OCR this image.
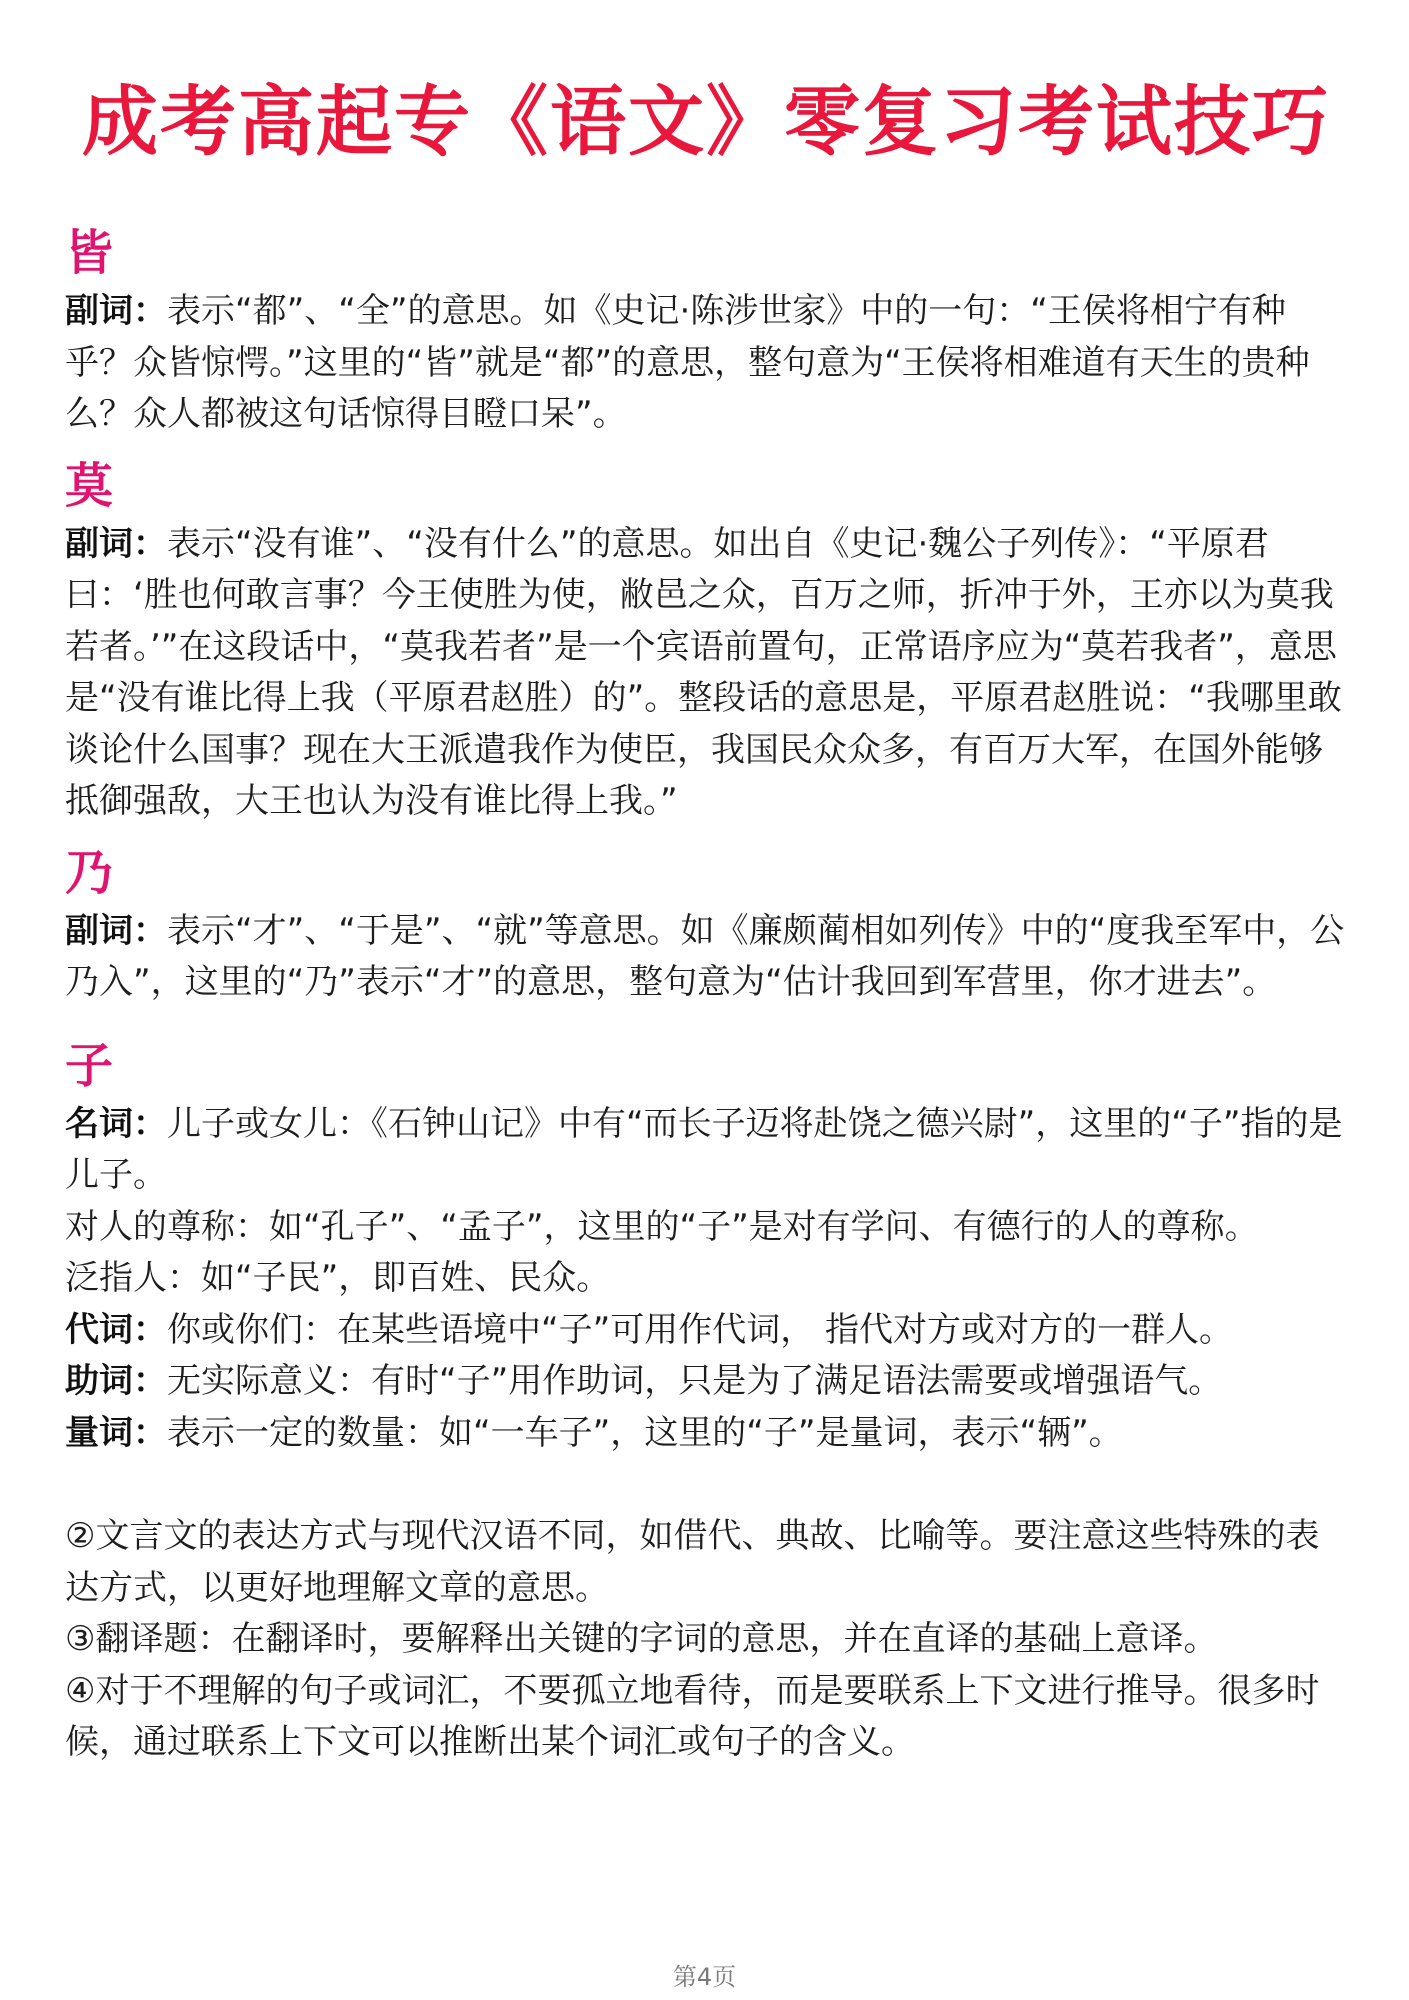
成考高起专《语文》零复习考试技巧
皆

副词：表示“都”、“全”的意思。如《史记·陈涉世家》中的一句：“王侯将相宁有种乎？众皆惊愕。”这里的“皆”就是“都”的意思，整句意为“王侯将相难道有天生的贵种么？众人都被这句话惊得目瞪口呆”。

莫

副词：表示“没有谁”、“没有什么”的意思。如出自《史记·魏公子列传》：“平原君曰：‘胜也何敢言事？今王使胜为使，敝邑之众，百万之师，折冲于外，王亦以为莫我若者。’”在这段话中，“莫我若者”是一个宾语前置句，正常语序应为“莫若我者”，意思是“没有谁比得上我（平原君赵胜）的”。整段话的意思是，平原君赵胜说：“我哪里敢谈论什么国事？现在大王派遣我作为使臣，我国民众众多，有百万大军，在国外能够抵御强敌，大王也认为没有谁比得上我。”

乃

副词：表示“才”、“于是”、“就”等意思。如《廉颇蔺相如列传》中的“度我至军中，公乃入”，这里的“乃”表示“才”的意思，整句意为“估计我回到军营里，你才进去”。

子

名词：儿子或女儿：《石钟山记》中有“而长子迈将赴饶之德兴尉”，这里的“子”指的是儿子。

对人的尊称：如“孔子”、“孟子”，这里的“子”是对有学问、有德行的人的尊称。

泛指人：如“子民”，即百姓、民众。

代词：你或你们：在某些语境中“子”可用作代词， 指代对方或对方的一群人。

助词：无实际意义：有时“子”用作助词，只是为了满足语法需要或增强语气。

量词：表示一定的数量：如“一车子”，这里的“子”是量词，表示“辆”。

②文言文的表达方式与现代汉语不同，如借代、典故、比喻等。要注意这些特殊的表达方式，以更好地理解文章的意思。

③翻译题：在翻译时，要解释出关键的字词的意思，并在直译的基础上意译。

④对于不理解的句子或词汇，不要孤立地看待，而是要联系上下文进行推导。很多时候，通过联系上下文可以推断出某个词汇或句子的含义。

第4页
